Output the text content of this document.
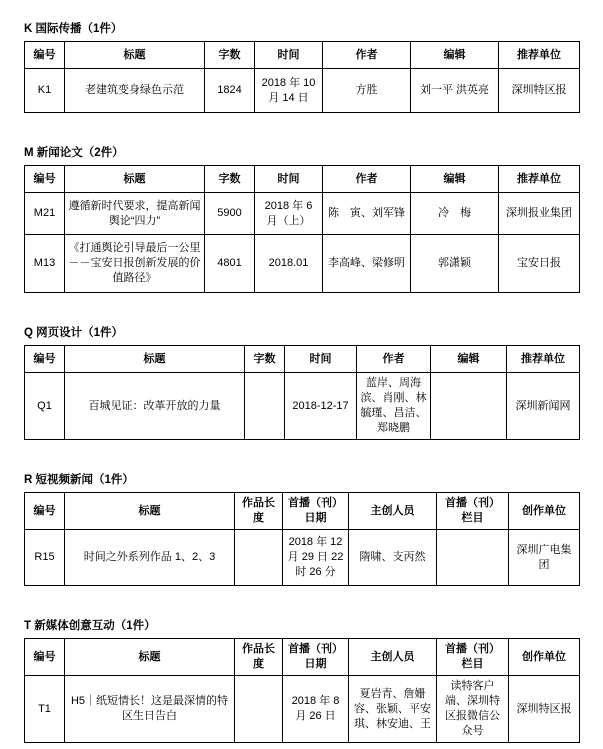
K 国际传播（1件）
编号	标题	字数	时间	作者	编辑	推荐单位
K1	老建筑变身绿色示范	1824	2018 年 10 月 14 日	方胜	刘一平 洪英亮	深圳特区报
M 新闻论文（2件）
编号	标题	字数	时间	作者	编辑	推荐单位
M21	遵循新时代要求，提高新闻舆论“四力”	5900	2018 年 6 月（上）	陈　寅、刘军锋	冷　梅	深圳报业集团
M13	《打通舆论引导最后一公里－－宝安日报创新发展的价值路径》	4801	2018.01	李高峰、梁修明	郭潇颖	宝安日报
Q 网页设计（1件）
编号	标题	字数	时间	作者	编辑	推荐单位
Q1	百城见证：改革开放的力量		2018-12-17	蓝岸、周海滨、肖刚、林毓瑾、昌洁、郑晓鹏		深圳新闻网
R 短视频新闻（1件）
编号	标题	作品长度	首播（刊）日期	主创人员	首播（刊）栏目	创作单位
R15	时间之外系列作品 1、2、3		2018 年 12 月 29 日 22 时 26 分	隋啸、支丙然		深圳广电集团
T 新媒体创意互动（1件）
编号	标题	作品长度	首播（刊）日期	主创人员	首播（刊）栏目	创作单位
T1	H5｜纸短情长！这是最深情的特区生日告白		2018 年 8 月 26 日	夏岩青、詹姗容、张颖、平安琪、林安迪、王	读特客户端、深圳特区报微信公众号	深圳特区报
